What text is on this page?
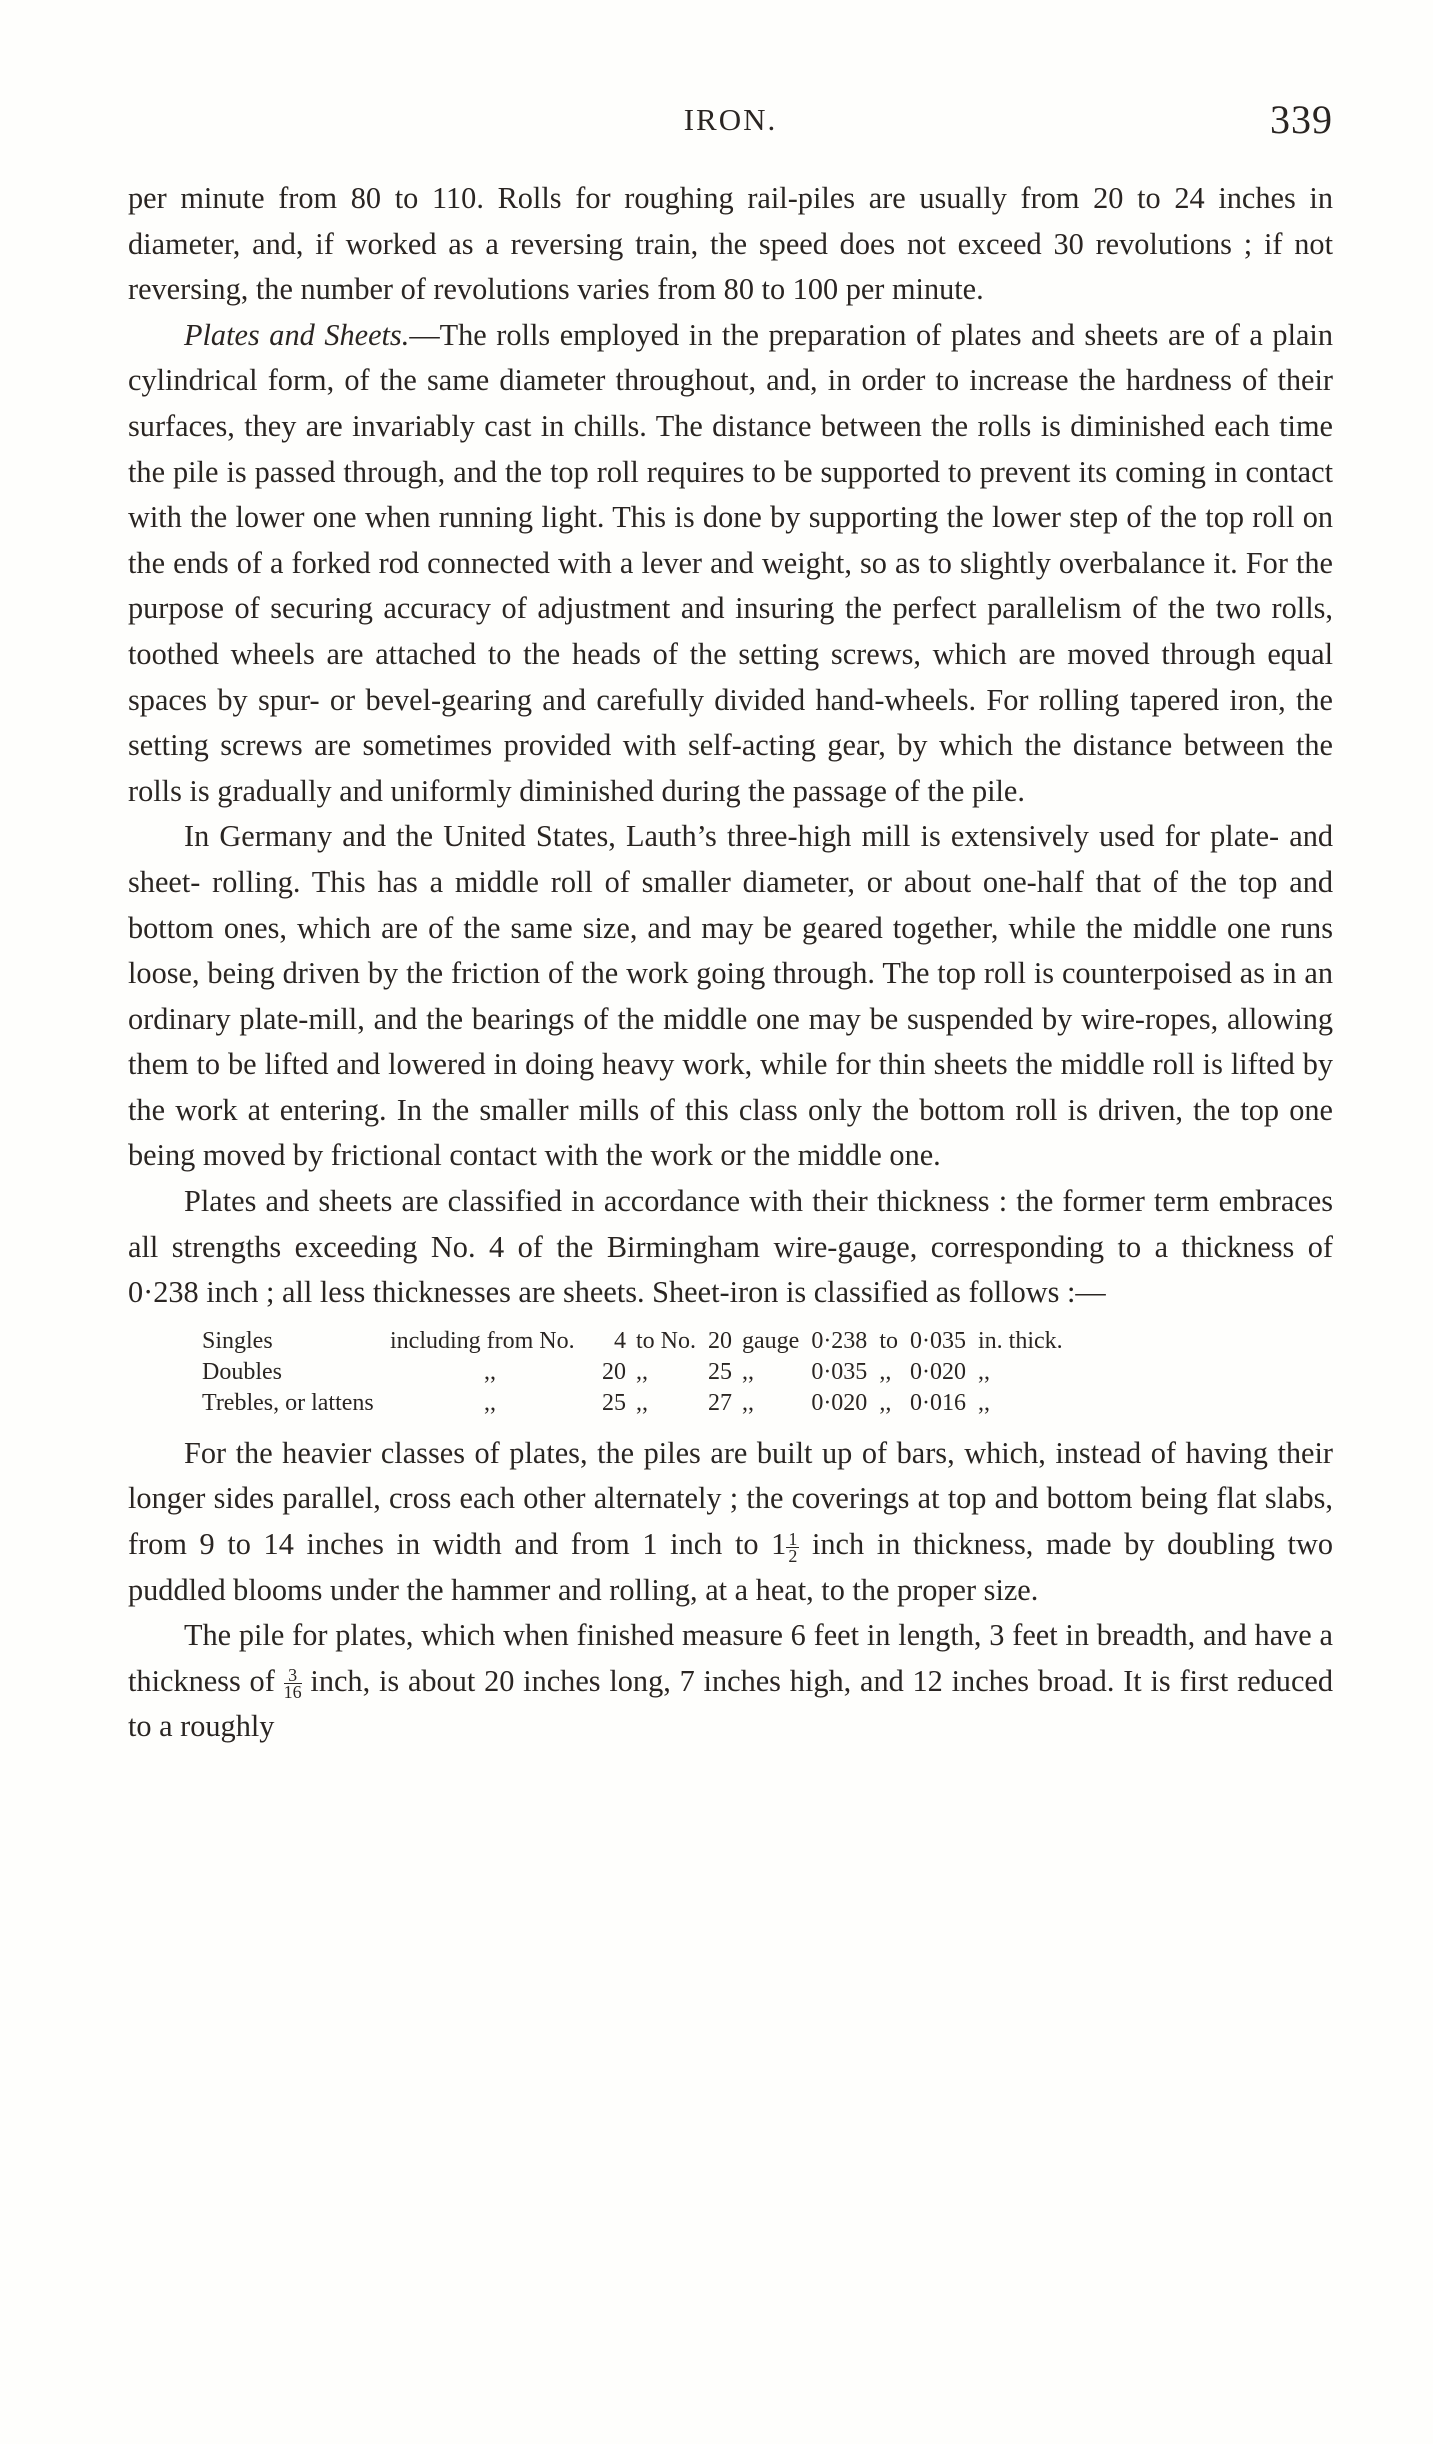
IRON.	339

per minute from 80 to 110. Rolls for roughing rail-piles are usually from 20 to 24 inches in diameter, and, if worked as a reversing train, the speed does not exceed 30 revolutions ; if not reversing, the number of revolutions varies from 80 to 100 per minute.

Plates and Sheets.—The rolls employed in the preparation of plates and sheets are of a plain cylindrical form, of the same diameter throughout, and, in order to increase the hardness of their surfaces, they are invariably cast in chills. The distance between the rolls is diminished each time the pile is passed through, and the top roll requires to be supported to prevent its coming in contact with the lower one when running light. This is done by supporting the lower step of the top roll on the ends of a forked rod connected with a lever and weight, so as to slightly overbalance it. For the purpose of securing accuracy of adjustment and insuring the perfect parallelism of the two rolls, toothed wheels are attached to the heads of the setting screws, which are moved through equal spaces by spur- or bevel-gearing and carefully divided hand-wheels. For rolling tapered iron, the setting screws are sometimes provided with self-acting gear, by which the distance between the rolls is gradually and uniformly diminished during the passage of the pile.

In Germany and the United States, Lauth’s three-high mill is extensively used for plate- and sheet- rolling. This has a middle roll of smaller diameter, or about one-half that of the top and bottom ones, which are of the same size, and may be geared together, while the middle one runs loose, being driven by the friction of the work going through. The top roll is counterpoised as in an ordinary plate-mill, and the bearings of the middle one may be suspended by wire-ropes, allowing them to be lifted and lowered in doing heavy work, while for thin sheets the middle roll is lifted by the work at entering. In the smaller mills of this class only the bottom roll is driven, the top one being moved by frictional contact with the work or the middle one.

Plates and sheets are classified in accordance with their thickness : the former term embraces all strengths exceeding No. 4 of the Birmingham wire-gauge, corresponding to a thickness of 0·238 inch ; all less thicknesses are sheets. Sheet-iron is classified as follows :—

Singles	including from No.	4	to No.	20	gauge	0·238	to	0·035	in. thick.
Doubles	,,	20	,,	25	,,	0·035	,,	0·020	,,
Trebles, or lattens	,,	25	,,	27	,,	0·020	,,	0·016	,,

For the heavier classes of plates, the piles are built up of bars, which, instead of having their longer sides parallel, cross each other alternately ; the coverings at top and bottom being flat slabs, from 9 to 14 inches in width and from 1 inch to $1 \frac{1}{2}$ inch in thickness, made by doubling two puddled blooms under the hammer and rolling, at a heat, to the proper size.

The pile for plates, which when finished measure 6 feet in length, 3 feet in breadth, and have a thickness of $\frac{3}{16}$ inch, is about 20 inches long, 7 inches high, and 12 inches broad. It is first reduced to a roughly
